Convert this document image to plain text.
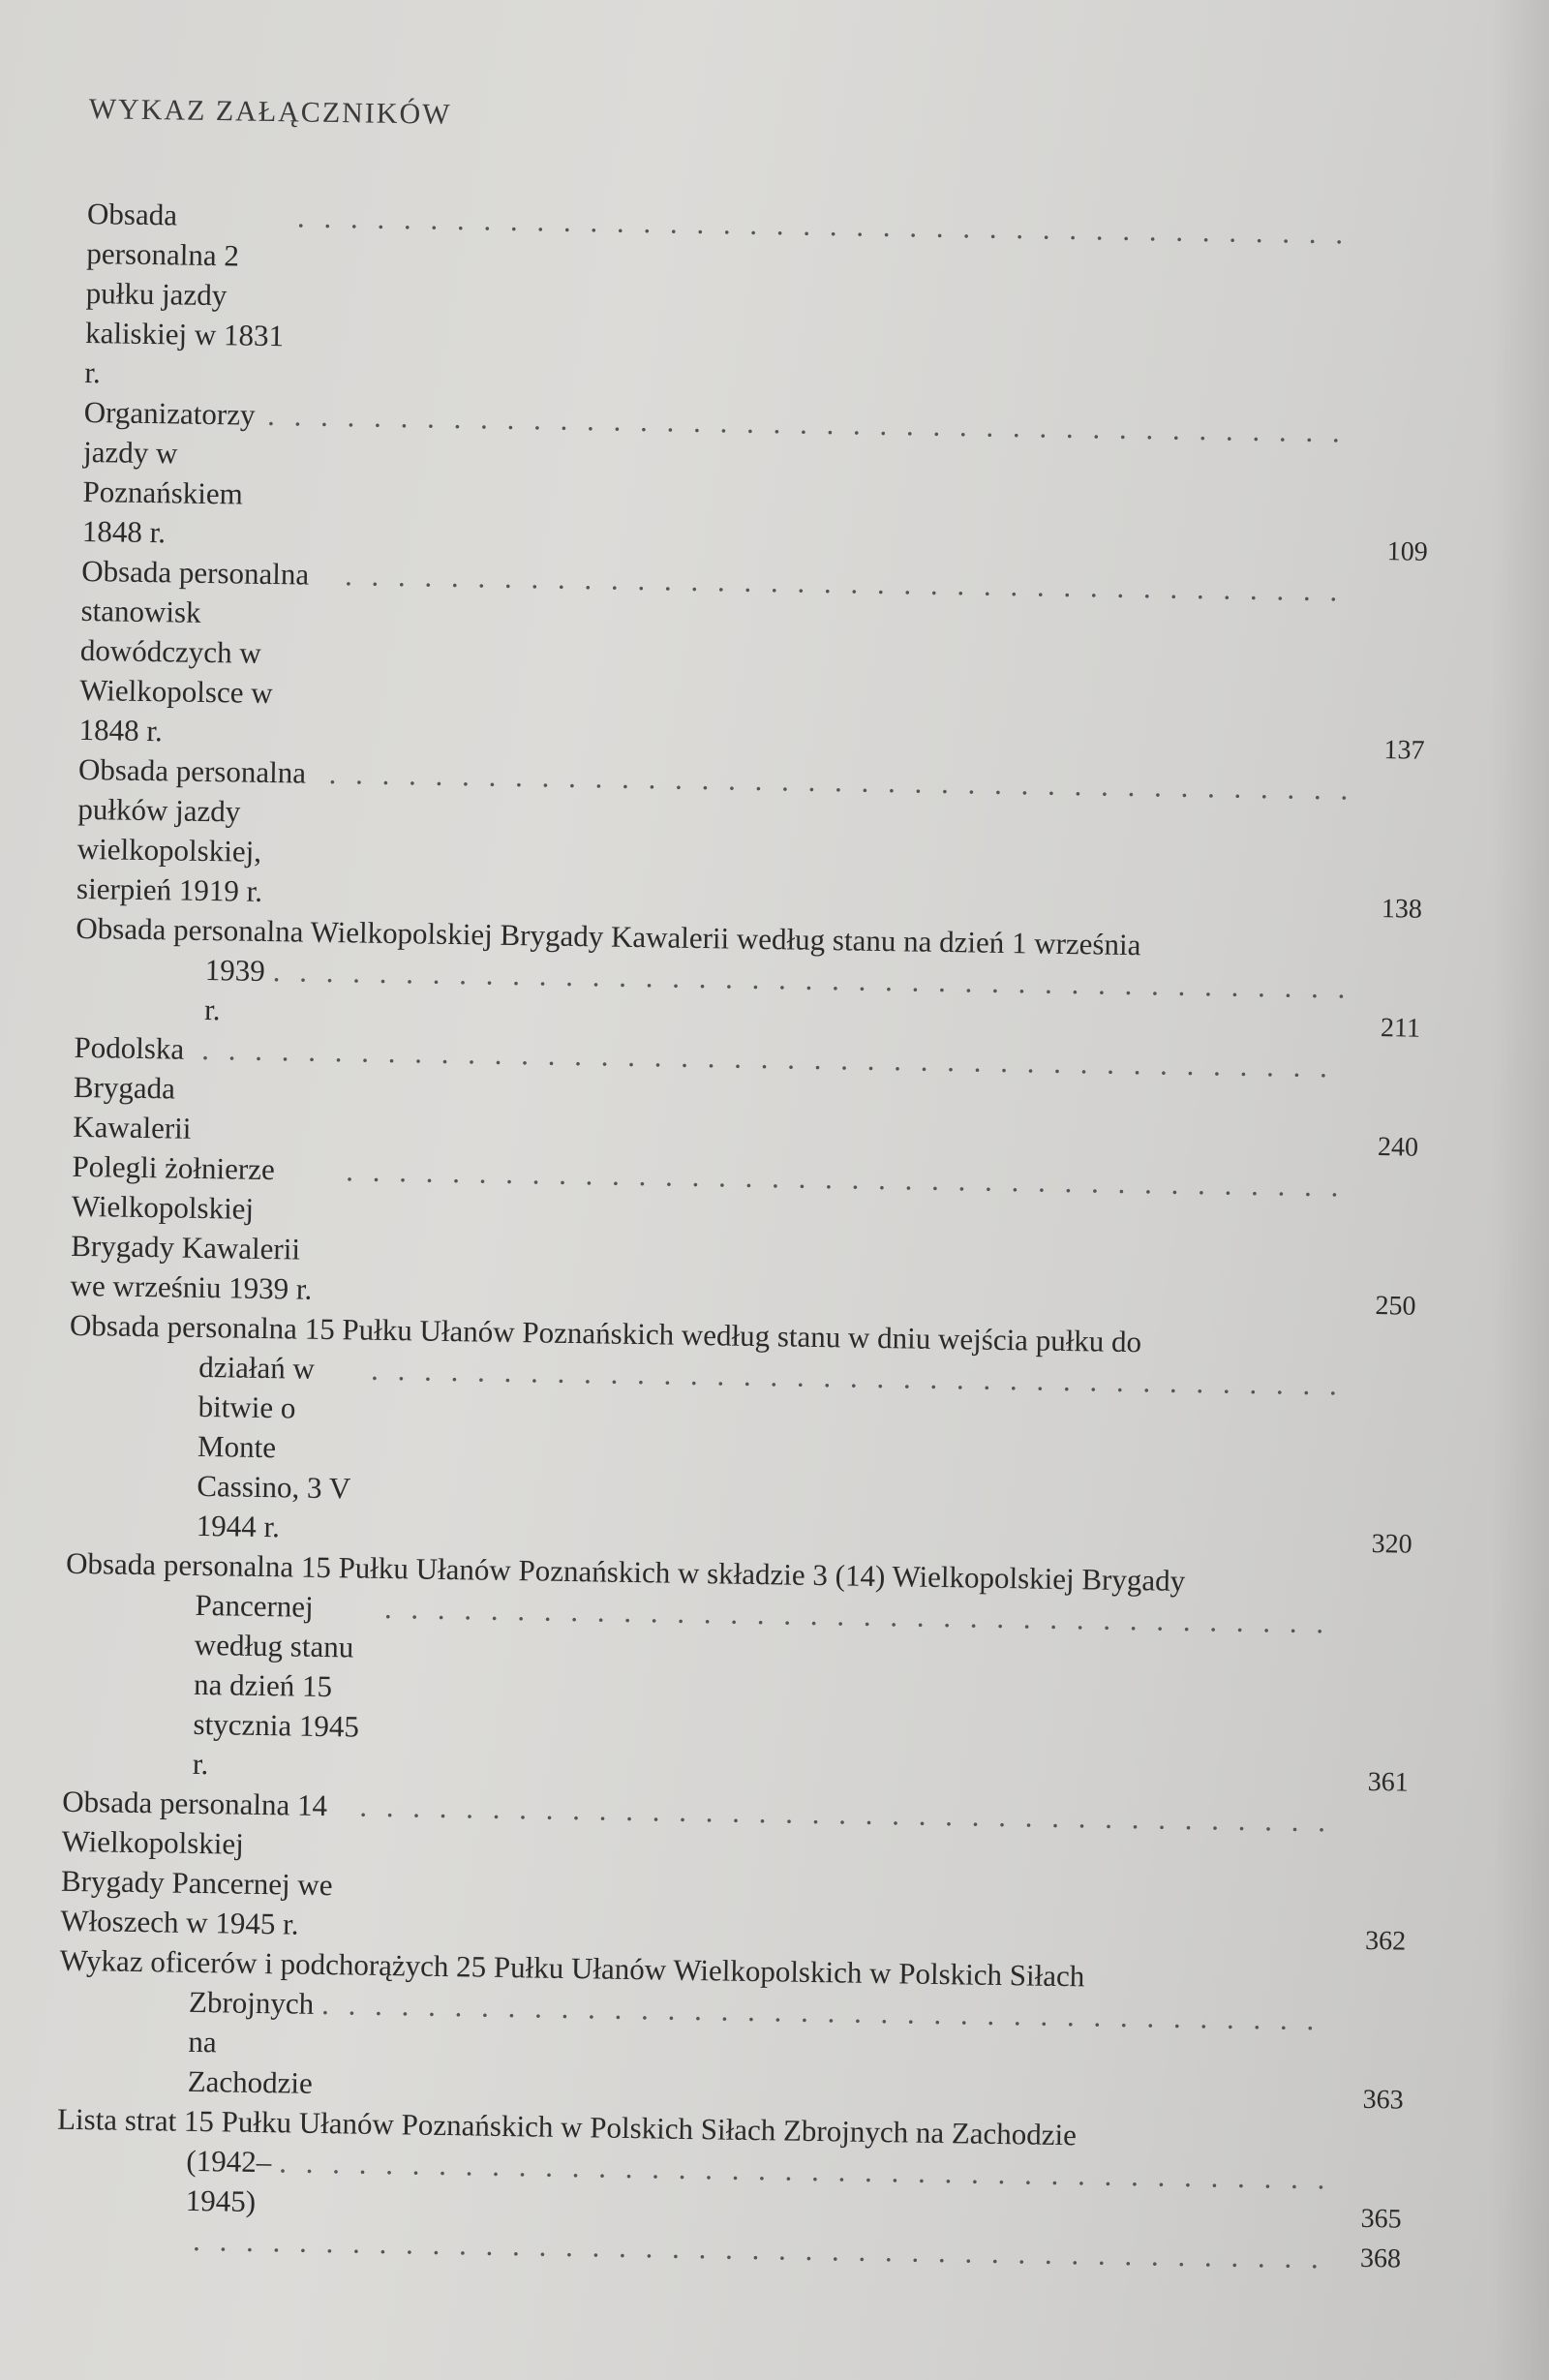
WYKAZ ZAŁĄCZNIKÓW
Obsada personalna 2 pułku jazdy kaliskiej w 1831 r.
. . .
Organizatorzy jazdy w Poznańskiem 1848 r.
. . .
109
Obsada personalna stanowisk dowódczych w Wielkopolsce w 1848 r.
. . .
137
Obsada personalna pułków jazdy wielkopolskiej, sierpień 1919 r.
. . .
138
Obsada personalna Wielkopolskiej Brygady Kawalerii według stanu na dzień 1 września
1939 r.
. . .
211
Podolska Brygada Kawalerii
. . .
240
Polegli żołnierze Wielkopolskiej Brygady Kawalerii we wrześniu 1939 r.
. . .
250
Obsada personalna 15 Pułku Ułanów Poznańskich według stanu w dniu wejścia pułku do
działań w bitwie o Monte Cassino, 3 V 1944 r.
. . .
320
Obsada personalna 15 Pułku Ułanów Poznańskich w składzie 3 (14) Wielkopolskiej Brygady
Pancernej według stanu na dzień 15 stycznia 1945 r.
. . .
361
Obsada personalna 14 Wielkopolskiej Brygady Pancernej we Włoszech w 1945 r.
. . .
362
Wykaz oficerów i podchorążych 25 Pułku Ułanów Wielkopolskich w Polskich Siłach
Zbrojnych na Zachodzie
. . .	363
Lista strat 15 Pułku Ułanów Poznańskich w Polskich Siłach Zbrojnych na Zachodzie
(1942–1945)
. . .
365
. . .
368
